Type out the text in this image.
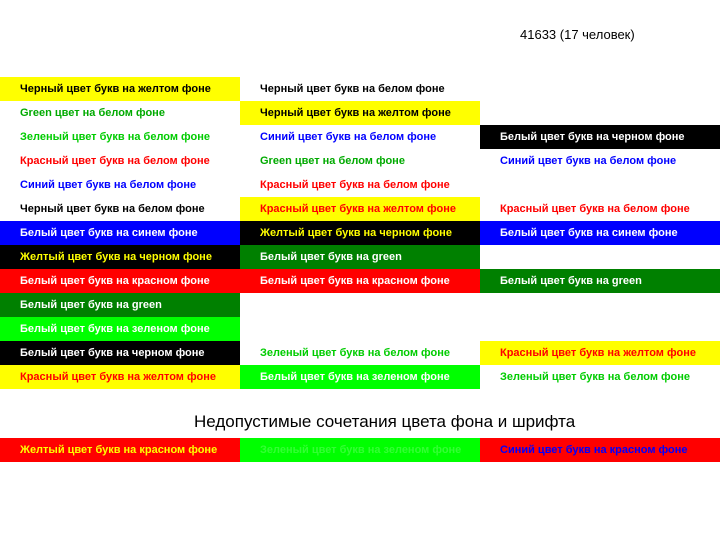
41633 (17 человек)
Черный цвет букв на желтом фоне
Green цвет на белом фоне
Зеленый цвет букв на белом фоне
Красный цвет букв на белом фоне
Синий цвет букв на белом фоне
Черный цвет букв на белом фоне
Белый цвет букв на синем фоне
Желтый цвет букв на черном фоне
Белый цвет букв на красном фоне
Белый цвет букв на green
Белый цвет букв на зеленом фоне
Белый цвет букв на черном фоне
Красный цвет букв на желтом фоне
Черный цвет букв на белом фоне
Черный цвет букв на желтом фоне
Синий цвет букв на белом фоне
Green цвет на белом фоне
Красный цвет букв на белом фоне
Красный цвет букв на желтом фоне
Желтый цвет букв на черном фоне
Белый цвет букв на green
Белый цвет букв на красном фоне
Зеленый цвет букв на белом фоне
Белый цвет букв на зеленом фоне
Белый цвет букв на черном фоне
Синий цвет букв на белом фоне
Красный цвет букв на белом фоне
Белый цвет букв на синем фоне
Белый цвет букв на green
Красный цвет букв на желтом фоне
Зеленый цвет букв на белом фоне
Недопустимые сочетания цвета фона и шрифта
Желтый цвет букв на красном фоне	Зеленый цвет букв на зеленом фоне	Синий цвет букв на красном фоне
